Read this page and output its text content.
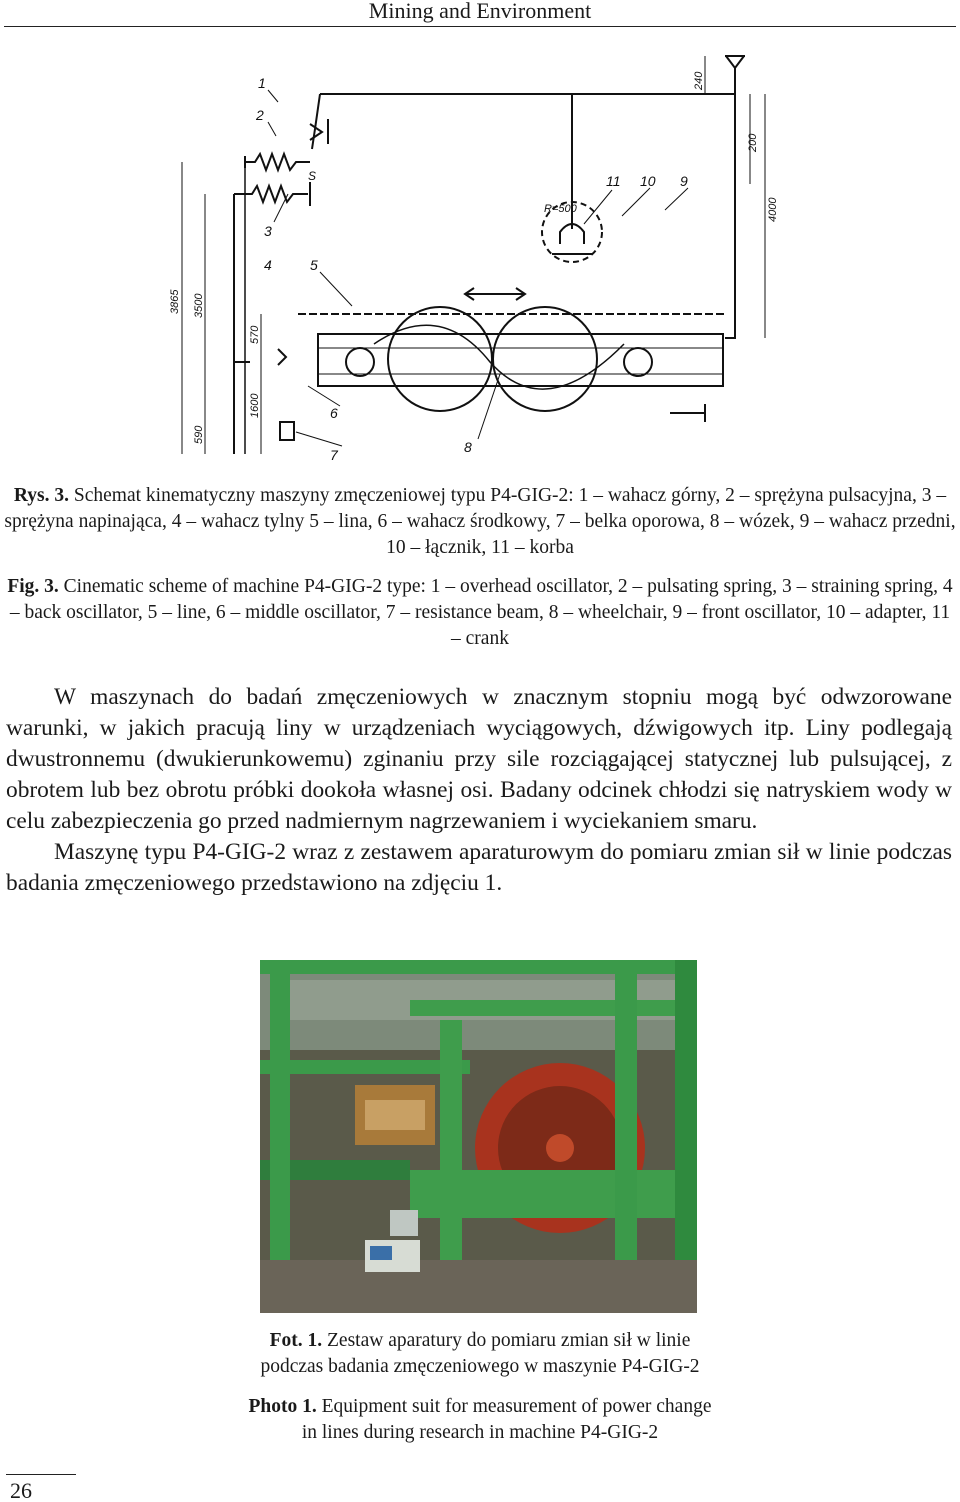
Mining and Environment
1
2
3
4	5
6
7	8
9
10
11
S
R=500
3865 3500
570
1600
590
240
200
4000
Rys. 3. Schemat kinematyczny maszyny zmęczeniowej typu P4-GIG-2: 1 – wahacz górny, 2 – sprężyna pulsacyjna, 3 – sprężyna napinająca, 4 – wahacz tylny 5 – lina, 6 – wahacz środkowy, 7 – belka oporowa, 8 – wózek, 9 – wahacz przedni, 10 – łącznik, 11 – korba
Fig. 3. Cinematic scheme of machine P4-GIG-2 type: 1 – overhead oscillator, 2 – pulsating spring, 3 – straining spring, 4 – back oscillator, 5 – line, 6 – middle oscillator, 7 – resistance beam, 8 – wheelchair, 9 – front oscillator, 10 – adapter, 11 – crank

W maszynach do badań zmęczeniowych w znacznym stopniu mogą być odwzorowane warunki, w jakich pracują liny w urządzeniach wyciągowych, dźwigowych itp. Liny podlegają dwustronnemu (dwukierunkowemu) zginaniu przy sile rozciągającej statycznej lub pulsującej, z obrotem lub bez obrotu próbki dookoła własnej osi. Badany odcinek chłodzi się natryskiem wody w celu zabezpieczenia go przed nadmiernym nagrzewaniem i wyciekaniem smaru.

Maszynę typu P4-GIG-2 wraz z zestawem aparaturowym do pomiaru zmian sił w linie podczas badania zmęczeniowego przedstawiono na zdjęciu 1.

Fot. 1. Zestaw aparatury do pomiaru zmian sił w linie
podczas badania zmęczeniowego w maszynie P4-GIG-2
Photo 1. Equipment suit for measurement of power change
in lines during research in machine P4-GIG-2
26
